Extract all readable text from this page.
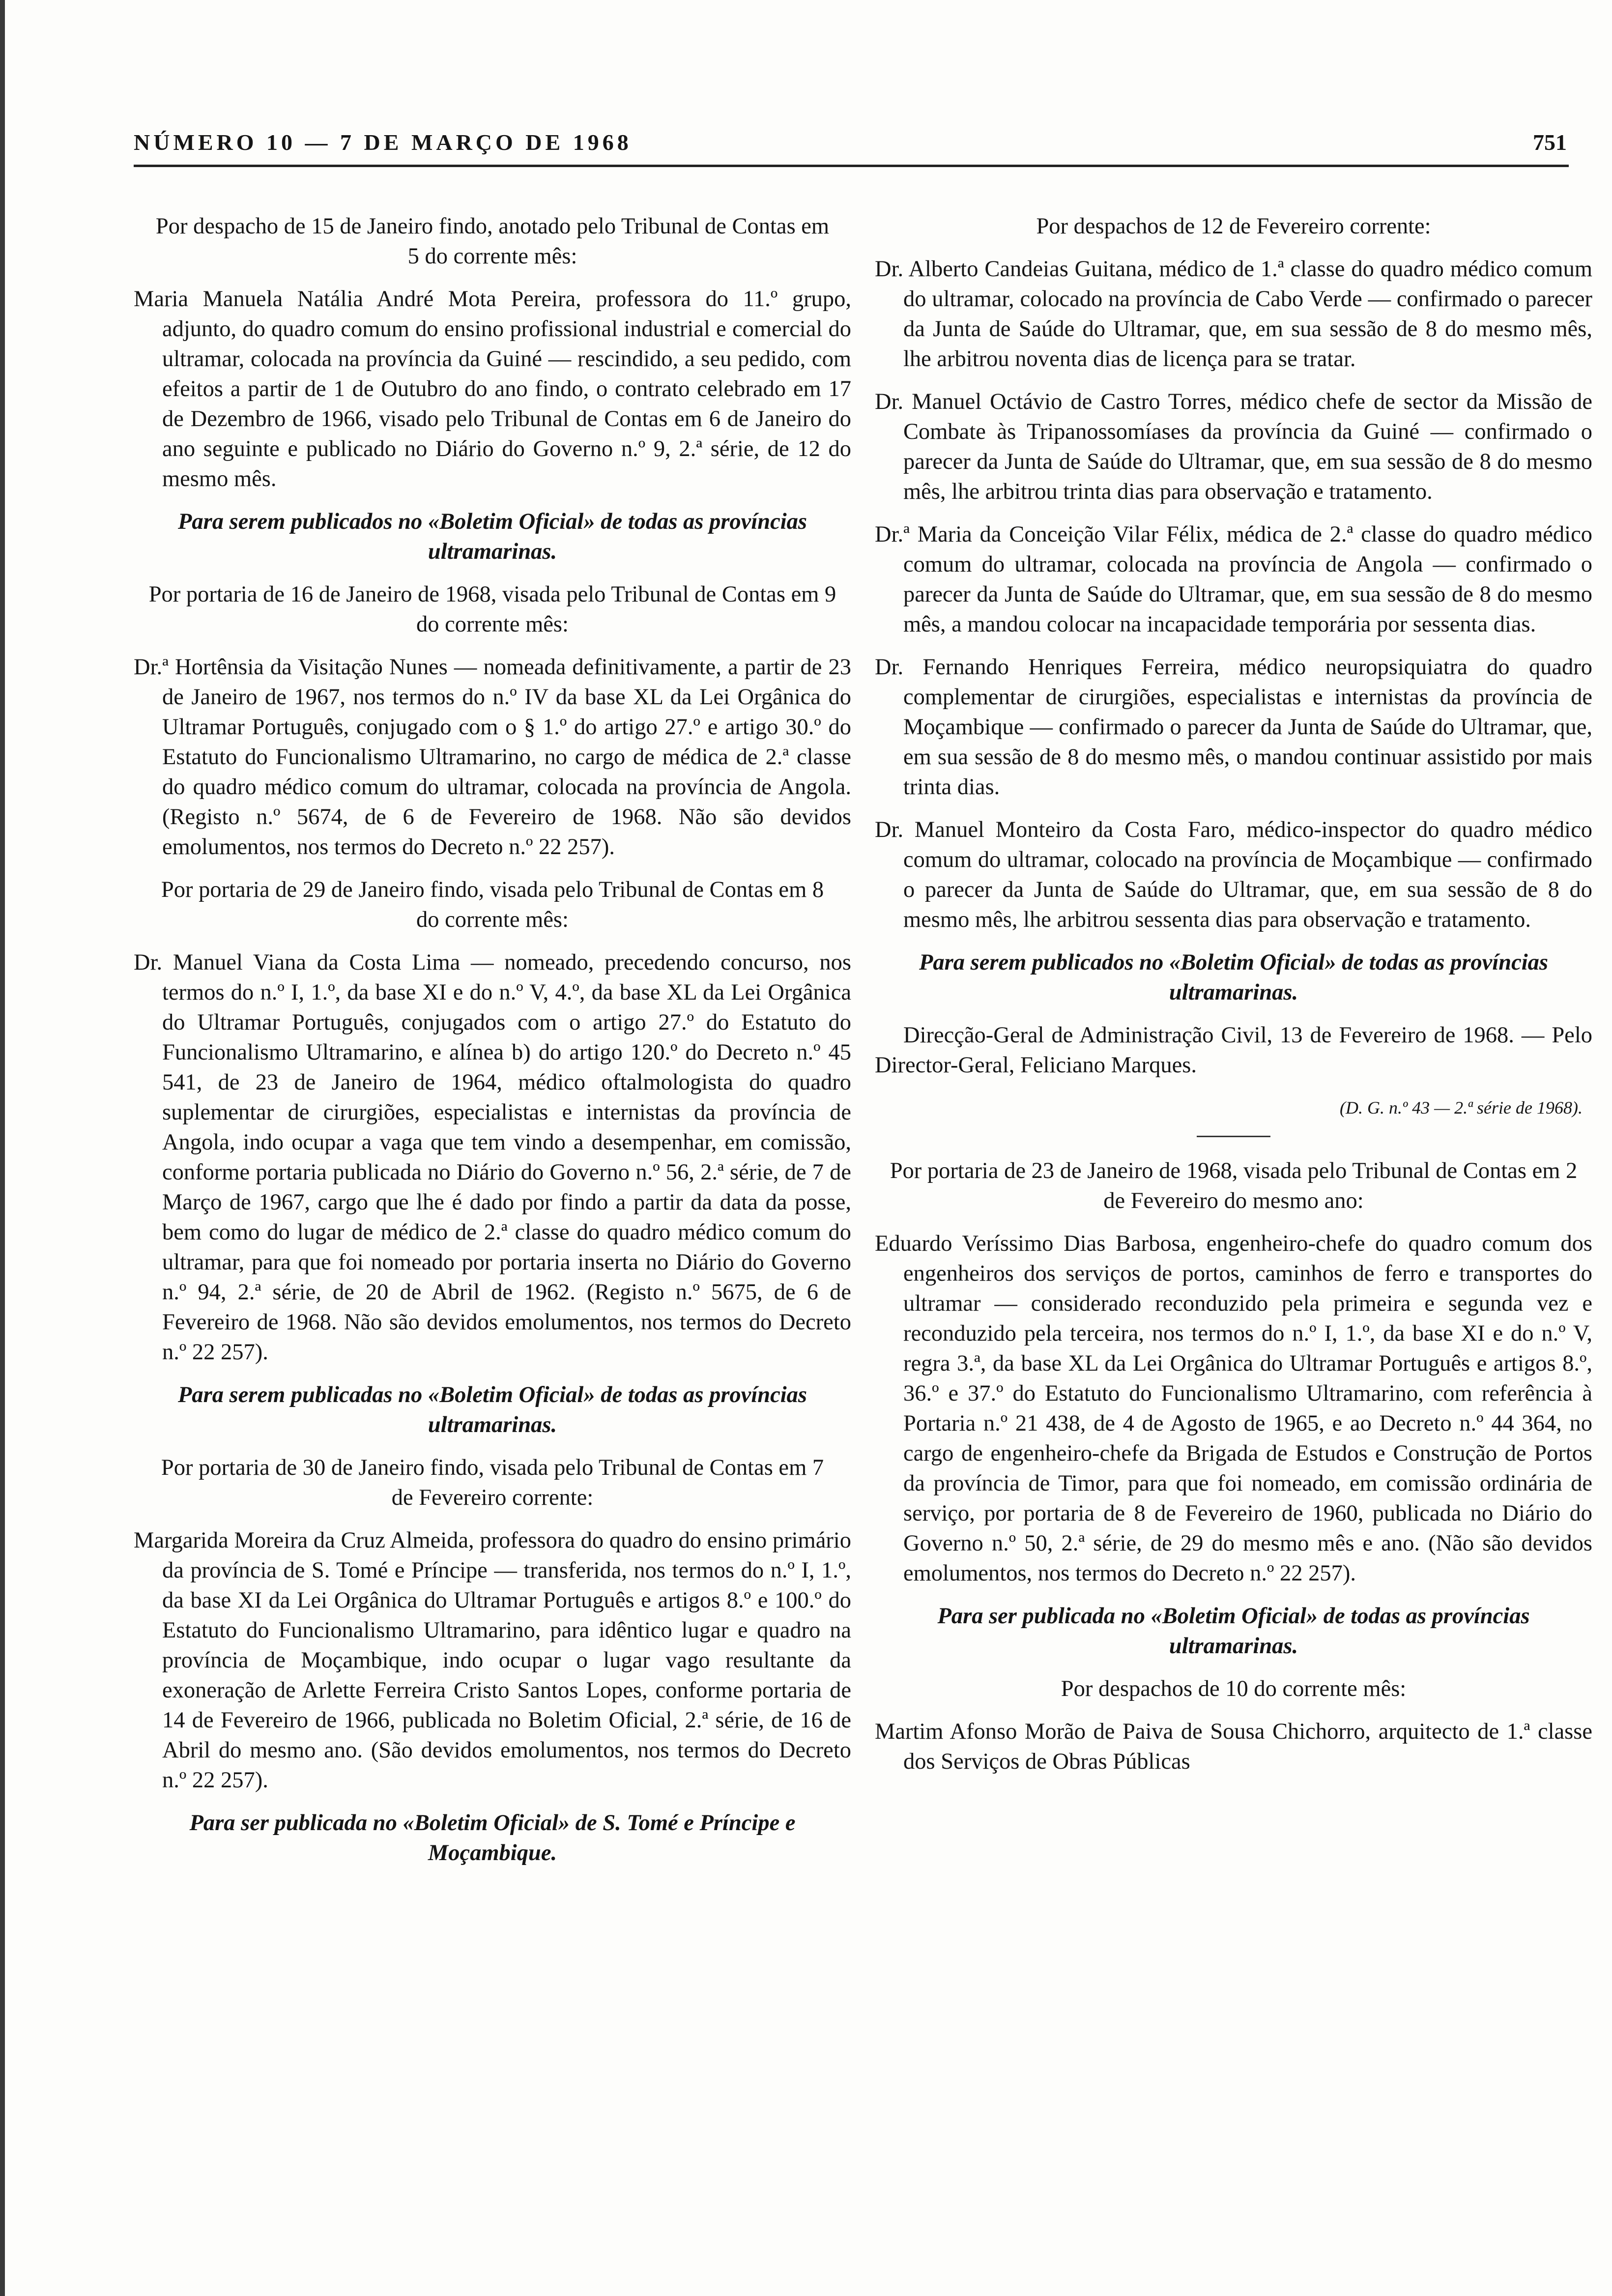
NÚMERO 10 — 7 DE MARÇO DE 1968	751

Por despacho de 15 de Janeiro findo, anotado pelo Tribunal de Contas em 5 do corrente mês:

Maria Manuela Natália André Mota Pereira, professora do 11.º grupo, adjunto, do quadro comum do ensino profissional industrial e comercial do ultramar, colocada na província da Guiné — rescindido, a seu pedido, com efeitos a partir de 1 de Outubro do ano findo, o contrato celebrado em 17 de Dezembro de 1966, visado pelo Tribunal de Contas em 6 de Janeiro do ano seguinte e publicado no Diário do Governo n.º 9, 2.ª série, de 12 do mesmo mês.

Para serem publicados no «Boletim Oficial» de todas as províncias ultramarinas.

Por portaria de 16 de Janeiro de 1968, visada pelo Tribunal de Contas em 9 do corrente mês:

Dr.ª Hortênsia da Visitação Nunes — nomeada definitivamente, a partir de 23 de Janeiro de 1967, nos termos do n.º IV da base XL da Lei Orgânica do Ultramar Português, conjugado com o § 1.º do artigo 27.º e artigo 30.º do Estatuto do Funcionalismo Ultramarino, no cargo de médica de 2.ª classe do quadro médico comum do ultramar, colocada na província de Angola. (Registo n.º 5674, de 6 de Fevereiro de 1968. Não são devidos emolumentos, nos termos do Decreto n.º 22 257).

Por portaria de 29 de Janeiro findo, visada pelo Tribunal de Contas em 8 do corrente mês:

Dr. Manuel Viana da Costa Lima — nomeado, precedendo concurso, nos termos do n.º I, 1.º, da base XI e do n.º V, 4.º, da base XL da Lei Orgânica do Ultramar Português, conjugados com o artigo 27.º do Estatuto do Funcionalismo Ultramarino, e alínea b) do artigo 120.º do Decreto n.º 45 541, de 23 de Janeiro de 1964, médico oftalmologista do quadro suplementar de cirurgiões, especialistas e internistas da província de Angola, indo ocupar a vaga que tem vindo a desempenhar, em comissão, conforme portaria publicada no Diário do Governo n.º 56, 2.ª série, de 7 de Março de 1967, cargo que lhe é dado por findo a partir da data da posse, bem como do lugar de médico de 2.ª classe do quadro médico comum do ultramar, para que foi nomeado por portaria inserta no Diário do Governo n.º 94, 2.ª série, de 20 de Abril de 1962. (Registo n.º 5675, de 6 de Fevereiro de 1968. Não são devidos emolumentos, nos termos do Decreto n.º 22 257).

Para serem publicadas no «Boletim Oficial» de todas as províncias ultramarinas.

Por portaria de 30 de Janeiro findo, visada pelo Tribunal de Contas em 7 de Fevereiro corrente:

Margarida Moreira da Cruz Almeida, professora do quadro do ensino primário da província de S. Tomé e Príncipe — transferida, nos termos do n.º I, 1.º, da base XI da Lei Orgânica do Ultramar Português e artigos 8.º e 100.º do Estatuto do Funcionalismo Ultramarino, para idêntico lugar e quadro na província de Moçambique, indo ocupar o lugar vago resultante da exoneração de Arlette Ferreira Cristo Santos Lopes, conforme portaria de 14 de Fevereiro de 1966, publicada no Boletim Oficial, 2.ª série, de 16 de Abril do mesmo ano. (São devidos emolumentos, nos termos do Decreto n.º 22 257).

Para ser publicada no «Boletim Oficial» de S. Tomé e Príncipe e Moçambique.

Por despachos de 12 de Fevereiro corrente:

Dr. Alberto Candeias Guitana, médico de 1.ª classe do quadro médico comum do ultramar, colocado na província de Cabo Verde — confirmado o parecer da Junta de Saúde do Ultramar, que, em sua sessão de 8 do mesmo mês, lhe arbitrou noventa dias de licença para se tratar.

Dr. Manuel Octávio de Castro Torres, médico chefe de sector da Missão de Combate às Tripanossomíases da província da Guiné — confirmado o parecer da Junta de Saúde do Ultramar, que, em sua sessão de 8 do mesmo mês, lhe arbitrou trinta dias para observação e tratamento.

Dr.ª Maria da Conceição Vilar Félix, médica de 2.ª classe do quadro médico comum do ultramar, colocada na província de Angola — confirmado o parecer da Junta de Saúde do Ultramar, que, em sua sessão de 8 do mesmo mês, a mandou colocar na incapacidade temporária por sessenta dias.

Dr. Fernando Henriques Ferreira, médico neuropsiquiatra do quadro complementar de cirurgiões, especialistas e internistas da província de Moçambique — confirmado o parecer da Junta de Saúde do Ultramar, que, em sua sessão de 8 do mesmo mês, o mandou continuar assistido por mais trinta dias.

Dr. Manuel Monteiro da Costa Faro, médico-inspector do quadro médico comum do ultramar, colocado na província de Moçambique — confirmado o parecer da Junta de Saúde do Ultramar, que, em sua sessão de 8 do mesmo mês, lhe arbitrou sessenta dias para observação e tratamento.

Para serem publicados no «Boletim Oficial» de todas as províncias ultramarinas.

Direcção-Geral de Administração Civil, 13 de Fevereiro de 1968. — Pelo Director-Geral, Feliciano Marques.

(D. G. n.º 43 — 2.ª série de 1968).

Por portaria de 23 de Janeiro de 1968, visada pelo Tribunal de Contas em 2 de Fevereiro do mesmo ano:

Eduardo Veríssimo Dias Barbosa, engenheiro-chefe do quadro comum dos engenheiros dos serviços de portos, caminhos de ferro e transportes do ultramar — considerado reconduzido pela primeira e segunda vez e reconduzido pela terceira, nos termos do n.º I, 1.º, da base XI e do n.º V, regra 3.ª, da base XL da Lei Orgânica do Ultramar Português e artigos 8.º, 36.º e 37.º do Estatuto do Funcionalismo Ultramarino, com referência à Portaria n.º 21 438, de 4 de Agosto de 1965, e ao Decreto n.º 44 364, no cargo de engenheiro-chefe da Brigada de Estudos e Construção de Portos da província de Timor, para que foi nomeado, em comissão ordinária de serviço, por portaria de 8 de Fevereiro de 1960, publicada no Diário do Governo n.º 50, 2.ª série, de 29 do mesmo mês e ano. (Não são devidos emolumentos, nos termos do Decreto n.º 22 257).

Para ser publicada no «Boletim Oficial» de todas as províncias ultramarinas.

Por despachos de 10 do corrente mês:

Martim Afonso Morão de Paiva de Sousa Chichorro, arquitecto de 1.ª classe dos Serviços de Obras Públicas
